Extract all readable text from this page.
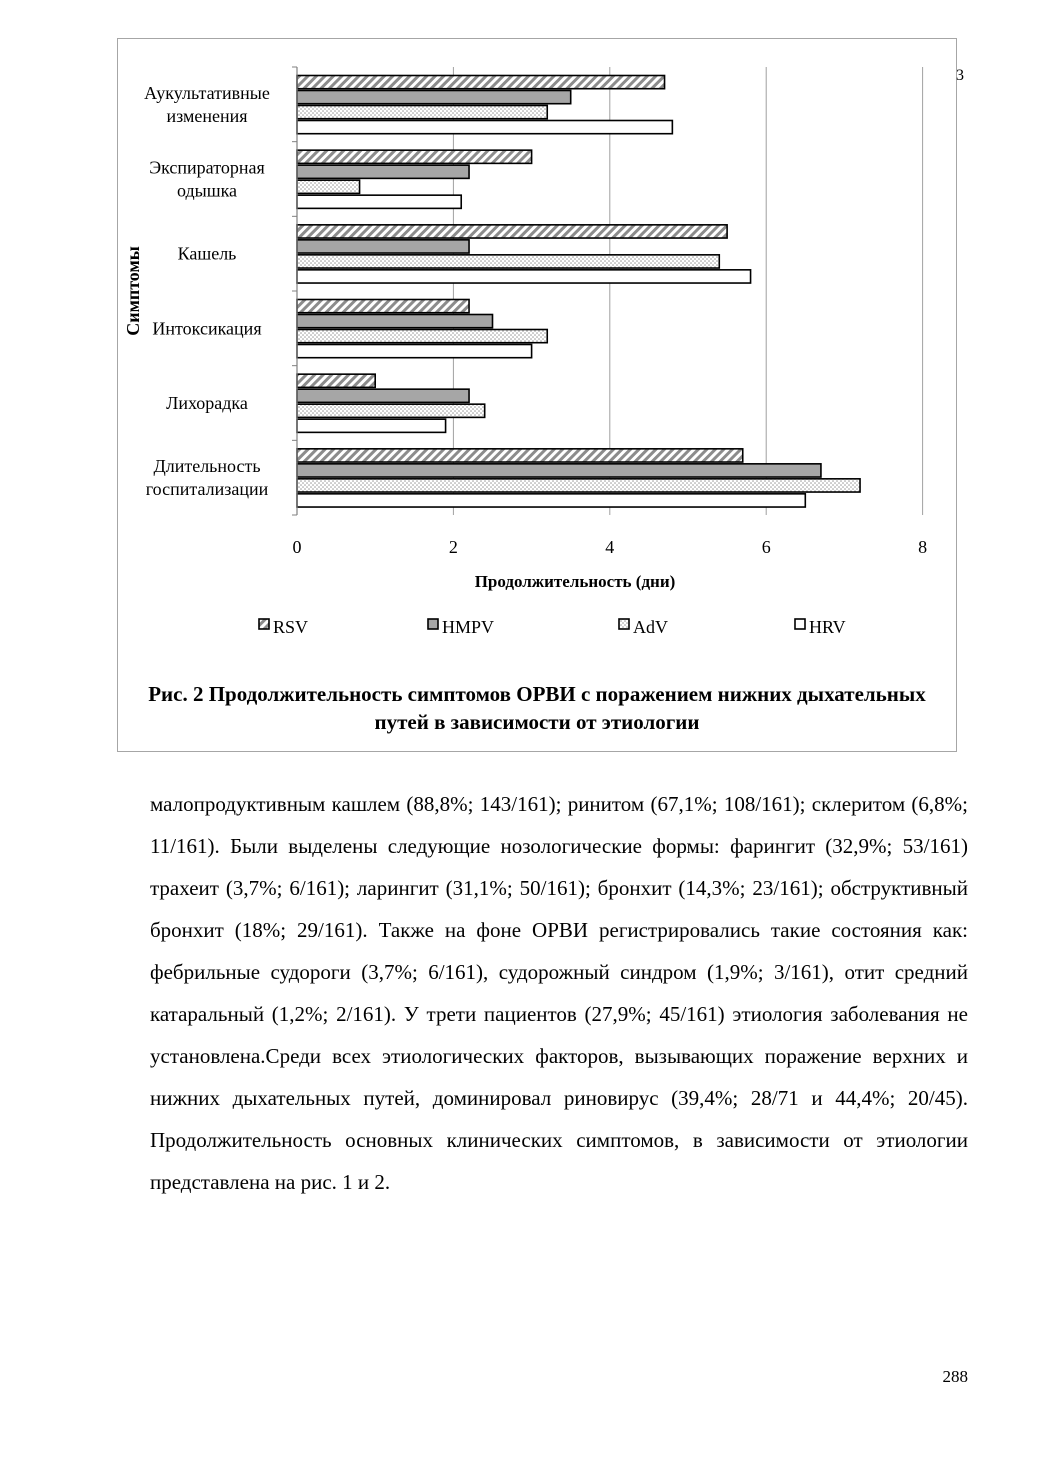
0	2	4	6	8
Аукультативные
изменения
Экспираторная
одышка
Кашель
Интоксикация
Лихорадка
Длительность
госпитализации
Продолжительность (дни)
Симптомы
RSV	HMPV	AdV	HRV
3
Рис. 2 Продолжительность симптомов ОРВИ с поражением нижних дыхательных путей в зависимости от этиологии
малопродуктивным кашлем (88,8%; 143/161); ринитом (67,1%; 108/161); склеритом (6,8%; 11/161). Были выделены следующие нозологические формы: фарингит (32,9%; 53/161) трахеит (3,7%; 6/161); ларингит (31,1%; 50/161); бронхит (14,3%; 23/161); обструктивный бронхит (18%; 29/161). Также на фоне ОРВИ регистрировались такие состояния как: фебрильные судороги (3,7%; 6/161), судорожный синдром (1,9%; 3/161), отит средний катаральный (1,2%; 2/161). У трети пациентов (27,9%; 45/161) этиология заболевания не установлена.Среди всех этиологических факторов, вызывающих поражение верхних и нижних дыхательных путей, доминировал риновирус (39,4%; 28/71 и 44,4%; 20/45). Продолжительность основных клинических симптомов, в зависимости от этиологии представлена на рис. 1 и 2.
288
